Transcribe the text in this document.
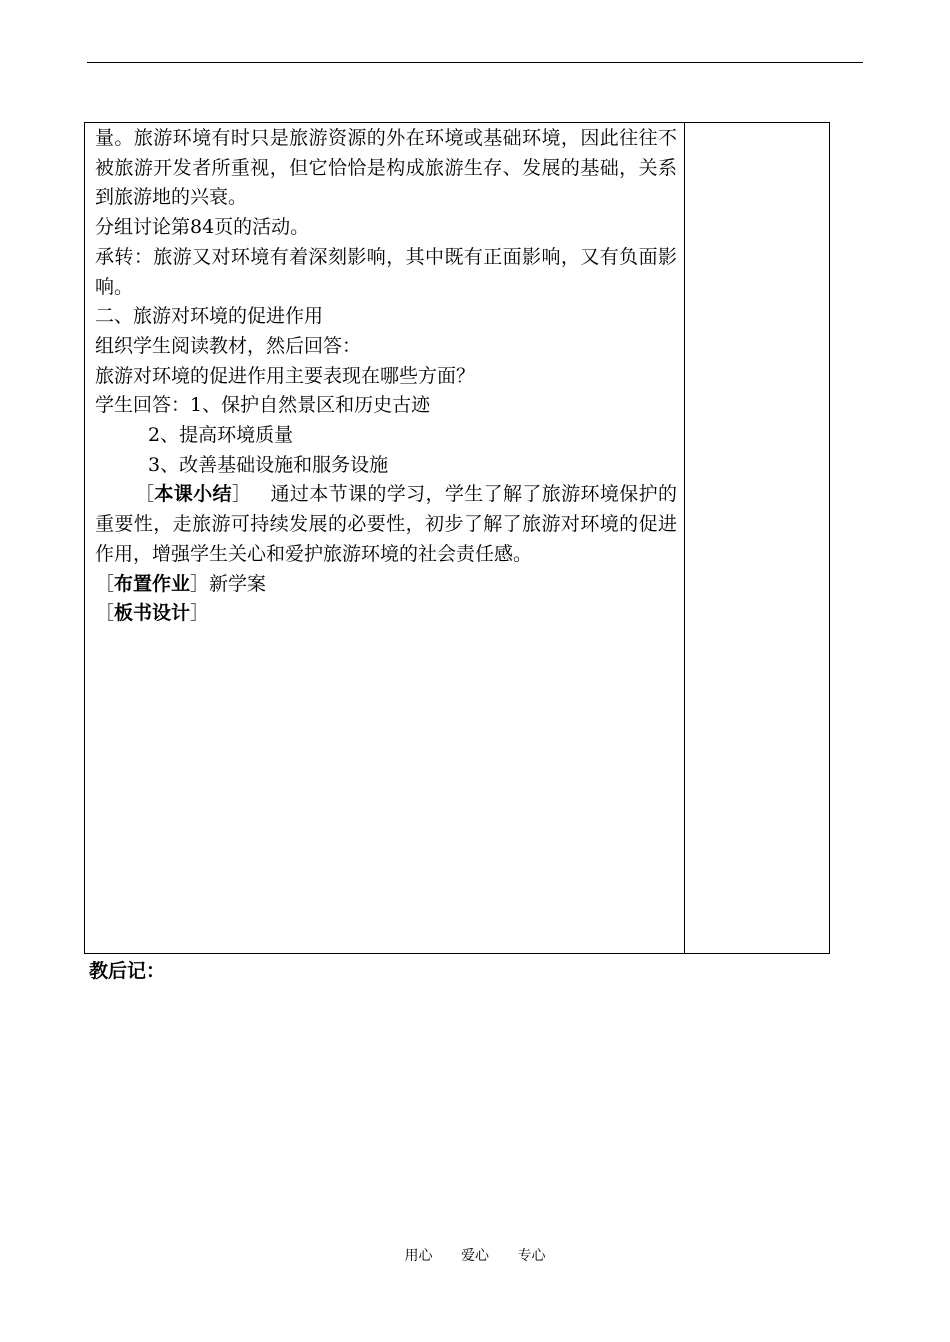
量。旅游环境有时只是旅游资源的外在环境或基础环境，因此往往不被旅游开发者所重视，但它恰恰是构成旅游生存、发展的基础，关系到旅游地的兴衰。

分组讨论第84页的活动。

承转：旅游又对环境有着深刻影响，其中既有正面影响，又有负面影响。

二、旅游对环境的促进作用

组织学生阅读教材，然后回答：

旅游对环境的促进作用主要表现在哪些方面？

学生回答：1、保护自然景区和历史古迹

2、提高环境质量

3、改善基础设施和服务设施

［本课小结］ 通过本节课的学习，学生了解了旅游环境保护的重要性，走旅游可持续发展的必要性，初步了解了旅游对环境的促进作用，增强学生关心和爱护旅游环境的社会责任感。

［布置作业］新学案

［板书设计］

教后记：
用心 爱心 专心
